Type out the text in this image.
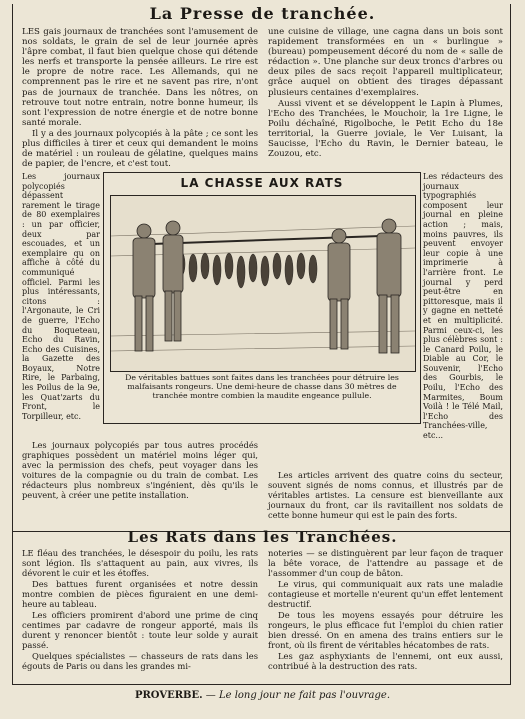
La Presse de tranchée.

LES gais journaux de tranchées sont l'amusement de nos soldats, le grain de sel de leur journée après l'âpre combat, il faut bien quelque chose qui détende les nerfs et transporte la pensée ailleurs. Le rire est le propre de notre race. Les Allemands, qui ne comprennent pas le rire et ne savent pas rire, n'ont pas de journaux de tranchée. Dans les nôtres, on retrouve tout notre entrain, notre bonne humeur, ils sont l'expression de notre énergie et de notre bonne santé morale.

Il y a des journaux polycopiés à la pâte ; ce sont les plus difficiles à tirer et ceux qui demandent le moins de matériel : un rouleau de gélatine, quelques mains de papier, de l'encre, et c'est tout.

une cuisine de village, une cagna dans un bois sont rapidement transformées en un « burlingue » (bureau) pompeusement décoré du nom de « salle de rédaction ». Une planche sur deux troncs d'arbres ou deux piles de sacs reçoit l'appareil multiplicateur, grâce auquel on obtient des tirages dépassant plusieurs centaines d'exemplaires.

Aussi vivent et se développent le Lapin à Plumes, l'Echo des Tranchées, le Mouchoir, la 1re Ligne, le Poilu déchaîné, Rigolboche, le Petit Echo du 18e territorial, la Guerre joviale, le Ver Luisant, la Saucisse, l'Echo du Ravin, le Dernier bateau, le Zouzou, etc.

Les journaux polycopiés dépassent rarement le tirage de 80 exemplaires : un par officier, deux par escouades, et un exemplaire qu on affiche à côté du communiqué officiel. Parmi les plus intéressants, citons : l'Argonaute, le Cri de guerre, l'Echo du Boqueteau, Echo du Ravin, Echo des Cuisines, la Gazette des Boyaux, Notre Rire, le Parbaing, les Poilus de la 9e, les Quat'zarts du Front, le Torpilleur, etc.
Les rédacteurs des journaux typographiés composent leur journal en pleine action ; mais, moins pauvres, ils peuvent envoyer leur copie à une imprimerie à l'arrière front. Le journal y perd peut-être en pittoresque, mais il y gagne en netteté et en multiplicité. Parmi ceux-ci, les plus célèbres sont : le Canard Poilu, le Diable au Cor, le Souvenir, l'Echo des Gourbis, le Poilu, l'Echo des Marmites, Boum Voilà ! le Télé Mail, l'Echo des Tranchées-ville, etc...
LA CHASSE AUX RATS
De véritables battues sont faites dans les tranchées pour détruire les malfaisants rongeurs. Une demi-heure de chasse dans 30 mètres de tranchée montre combien la maudite engeance pullule.
Les journaux polycopiés par tous autres procédés graphiques possèdent un matériel moins léger qui, avec la permission des chefs, peut voyager dans les voitures de la compagnie ou du train de combat. Les rédacteurs plus nombreux s'ingénient, dès qu'ils le peuvent, à créer une petite installation.
Les articles arrivent des quatre coins du secteur, souvent signés de noms connus, et illustrés par de véritables artistes. La censure est bienveillante aux journaux du front, car ils ravitaillent nos soldats de cette bonne humeur qui est le pain des forts.
Les Rats dans les Tranchées.

LE fléau des tranchées, le désespoir du poilu, les rats sont légion. Ils s'attaquent au pain, aux vivres, ils dévorent le cuir et les étoffes.

Des battues furent organisées et notre dessin montre combien de pièces figuraient en une demi-heure au tableau.

Les officiers promirent d'abord une prime de cinq centimes par cadavre de rongeur apporté, mais ils durent y renoncer bientôt : toute leur solde y aurait passé.

Quelques spécialistes — chasseurs de rats dans les égouts de Paris ou dans les grandes mi-

noteries — se distinguèrent par leur façon de traquer la bête vorace, de l'attendre au passage et de l'assommer d'un coup de bâton.

Le virus, qui communiquait aux rats une maladie contagieuse et mortelle n'eurent qu'un effet lentement destructif.

De tous les moyens essayés pour détruire les rongeurs, le plus efficace fut l'emploi du chien ratier bien dressé. On en amena des trains entiers sur le front, où ils firent de véritables hécatombes de rats.

Les gaz asphyxiants de l'ennemi, ont eux aussi, contribué à la destruction des rats.

PROVERBE. — Le long jour ne fait pas l'ouvrage.
